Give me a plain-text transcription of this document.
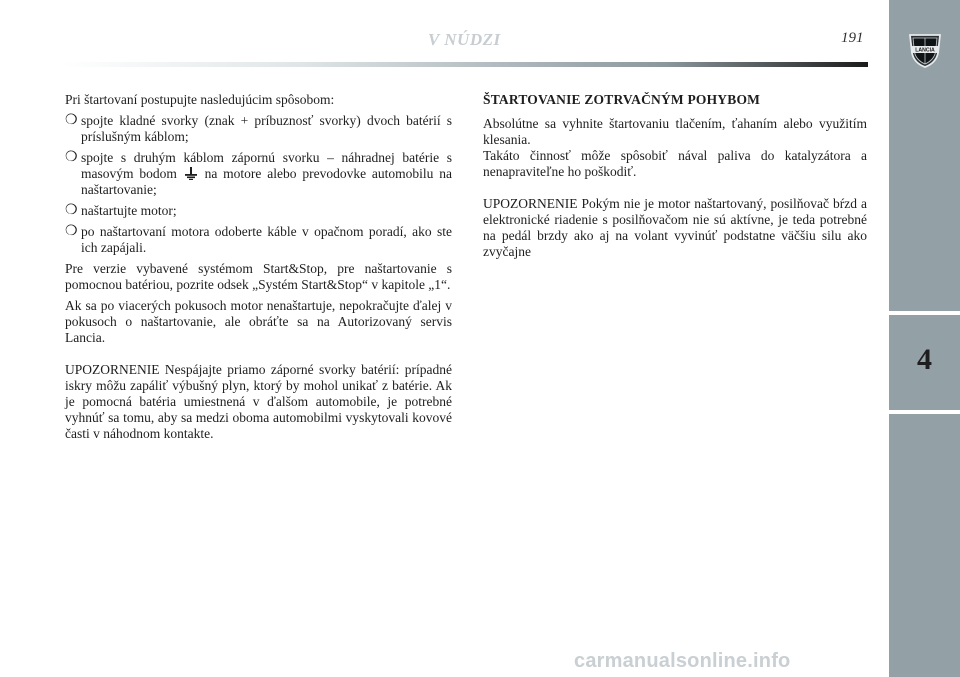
V NÚDZI	191
4
LANCIA

Pri štartovaní postupujte nasledujúcim spôsobom:

❍ spojte kladné svorky (znak + príbuznosť svorky) dvoch batérií s príslušným káblom;
❍ spojte s druhým káblom zápornú svorku – náhradnej batérie s masovým bodom na motore alebo prevodovke automobilu na naštartovanie;
❍ naštartujte motor;
❍ po naštartovaní motora odoberte káble v opačnom poradí, ako ste ich zapájali.

Pre verzie vybavené systémom Start&Stop, pre naštartovanie s pomocnou batériou, pozrite odsek „Systém Start&Stop“ v kapitole „1“.

Ak sa po viacerých pokusoch motor nenaštartuje, nepokračujte ďalej v pokusoch o naštartovanie, ale obráťte sa na Autorizovaný servis Lancia.

UPOZORNENIE Nespájajte priamo záporné svorky batérií: prípadné iskry môžu zapáliť výbušný plyn, ktorý by mohol unikať z batérie. Ak je pomocná batéria umiestnená v ďalšom automobile, je potrebné vyhnúť sa tomu, aby sa medzi oboma automobilmi vyskytovali kovové časti v náhodnom kontakte.

ŠTARTOVANIE ZOTRVAČNÝM POHYBOM

Absolútne sa vyhnite štartovaniu tlačením, ťahaním alebo využitím klesania.

Takáto činnosť môže spôsobiť nával paliva do katalyzátora a nenapraviteľne ho poškodiť.

UPOZORNENIE Pokým nie je motor naštartovaný, posilňovač bŕzd a elektronické riadenie s posilňovačom nie sú aktívne, je teda potrebné na pedál brzdy ako aj na volant vyvinúť podstatne väčšiu silu ako zvyčajne

carmanualsonline.info
